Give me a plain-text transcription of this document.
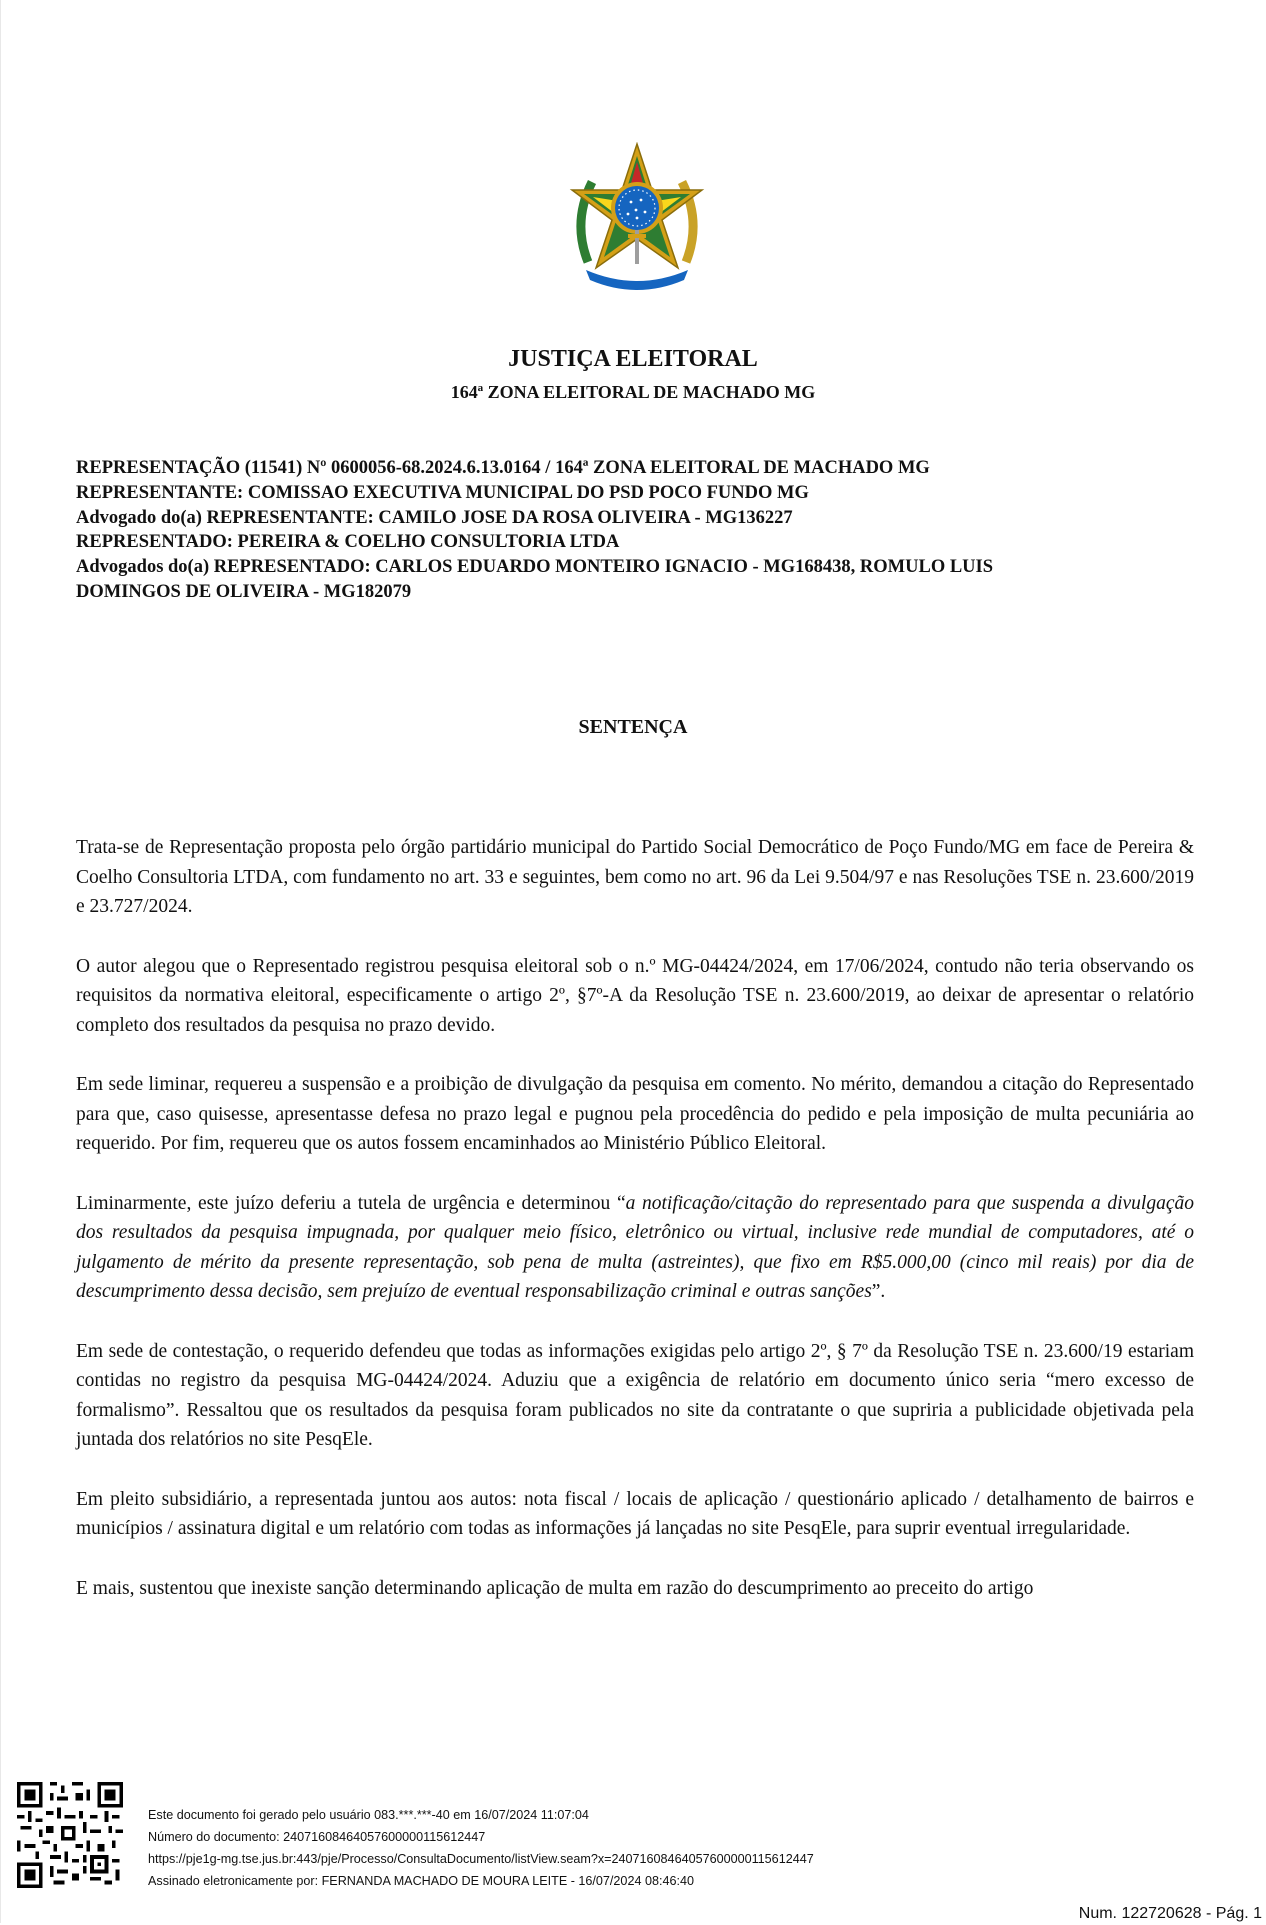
JUSTIÇA ELEITORAL
164ª ZONA ELEITORAL DE MACHADO MG
REPRESENTAÇÃO (11541) Nº 0600056-68.2024.6.13.0164 / 164ª ZONA ELEITORAL DE MACHADO MG
REPRESENTANTE: COMISSAO EXECUTIVA MUNICIPAL DO PSD POCO FUNDO MG
Advogado do(a) REPRESENTANTE: CAMILO JOSE DA ROSA OLIVEIRA - MG136227
REPRESENTADO: PEREIRA & COELHO CONSULTORIA LTDA
Advogados do(a) REPRESENTADO: CARLOS EDUARDO MONTEIRO IGNACIO - MG168438, ROMULO LUIS
DOMINGOS DE OLIVEIRA - MG182079
SENTENÇA

Trata-se de Representação proposta pelo órgão partidário municipal do Partido Social Democrático de Poço Fundo/MG em face de Pereira & Coelho Consultoria LTDA, com fundamento no art. 33 e seguintes, bem como no art. 96 da Lei 9.504/97 e nas Resoluções TSE n. 23.600/2019 e 23.727/2024.

O autor alegou que o Representado registrou pesquisa eleitoral sob o n.º MG-04424/2024, em 17/06/2024, contudo não teria observando os requisitos da normativa eleitoral, especificamente o artigo 2º, §7º-A da Resolução TSE n. 23.600/2019, ao deixar de apresentar o relatório completo dos resultados da pesquisa no prazo devido.

Em sede liminar, requereu a suspensão e a proibição de divulgação da pesquisa em comento. No mérito, demandou a citação do Representado para que, caso quisesse, apresentasse defesa no prazo legal e pugnou pela procedência do pedido e pela imposição de multa pecuniária ao requerido. Por fim, requereu que os autos fossem encaminhados ao Ministério Público Eleitoral.

Liminarmente, este juízo deferiu a tutela de urgência e determinou “a notificação/citação do representado para que suspenda a divulgação dos resultados da pesquisa impugnada, por qualquer meio físico, eletrônico ou virtual, inclusive rede mundial de computadores, até o julgamento de mérito da presente representação, sob pena de multa (astreintes), que fixo em R$5.000,00 (cinco mil reais) por dia de descumprimento dessa decisão, sem prejuízo de eventual responsabilização criminal e outras sanções”.

Em sede de contestação, o requerido defendeu que todas as informações exigidas pelo artigo 2º, § 7º da Resolução TSE n. 23.600/19 estariam contidas no registro da pesquisa MG-04424/2024. Aduziu que a exigência de relatório em documento único seria “mero excesso de formalismo”. Ressaltou que os resultados da pesquisa foram publicados no site da contratante o que supriria a publicidade objetivada pela juntada dos relatórios no site PesqEle.

Em pleito subsidiário, a representada juntou aos autos: nota fiscal / locais de aplicação / questionário aplicado / detalhamento de bairros e municípios / assinatura digital e um relatório com todas as informações já lançadas no site PesqEle, para suprir eventual irregularidade.

E mais, sustentou que inexiste sanção determinando aplicação de multa em razão do descumprimento ao preceito do artigo

Este documento foi gerado pelo usuário 083.***.***-40 em 16/07/2024 11:07:04
Número do documento: 24071608464057600000115612447
https://pje1g-mg.tse.jus.br:443/pje/Processo/ConsultaDocumento/listView.seam?x=24071608464057600000115612447
Assinado eletronicamente por: FERNANDA MACHADO DE MOURA LEITE - 16/07/2024 08:46:40
Num. 122720628 - Pág. 1
